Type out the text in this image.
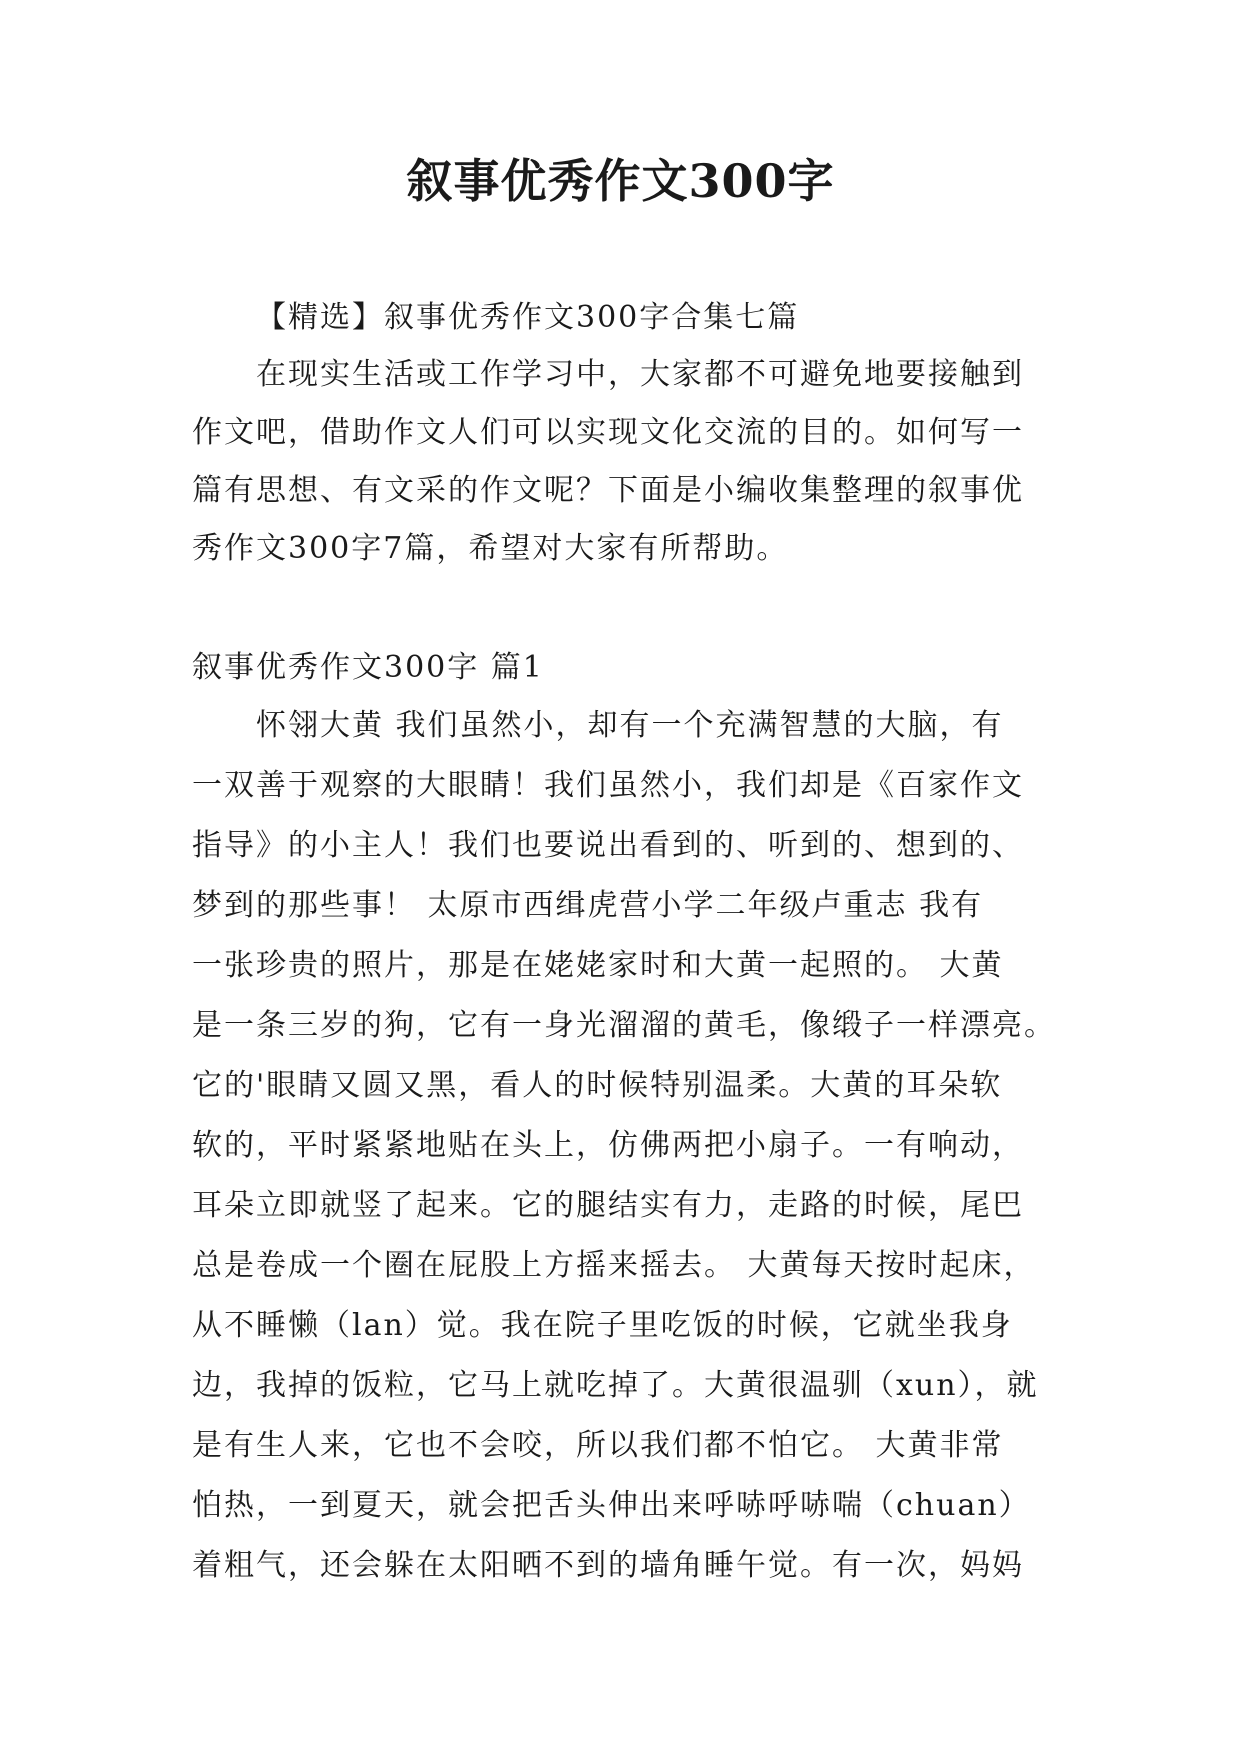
叙事优秀作文300字
【精选】叙事优秀作文300字合集七篇
在现实生活或工作学习中，大家都不可避免地要接触到
作文吧，借助作文人们可以实现文化交流的目的。如何写一
篇有思想、有文采的作文呢？下面是小编收集整理的叙事优
秀作文300字7篇，希望对大家有所帮助。
叙事优秀作文300字 篇1
怀翎大黄 我们虽然小，却有一个充满智慧的大脑，有
一双善于观察的大眼睛！我们虽然小，我们却是《百家作文
指导》的小主人！我们也要说出看到的、听到的、想到的、
梦到的那些事！ 太原市西缉虎营小学二年级卢重志 我有
一张珍贵的照片，那是在姥姥家时和大黄一起照的。 大黄
是一条三岁的狗，它有一身光溜溜的黄毛，像缎子一样漂亮。
它的'眼睛又圆又黑，看人的时候特别温柔。大黄的耳朵软
软的，平时紧紧地贴在头上，仿佛两把小扇子。一有响动，
耳朵立即就竖了起来。它的腿结实有力，走路的时候，尾巴
总是卷成一个圈在屁股上方摇来摇去。 大黄每天按时起床，
从不睡懒（lan）觉。我在院子里吃饭的时候，它就坐我身
边，我掉的饭粒，它马上就吃掉了。大黄很温驯（xun），就
是有生人来，它也不会咬，所以我们都不怕它。 大黄非常
怕热，一到夏天，就会把舌头伸出来呼哧呼哧喘（chuan）
着粗气，还会躲在太阳晒不到的墙角睡午觉。有一次，妈妈
